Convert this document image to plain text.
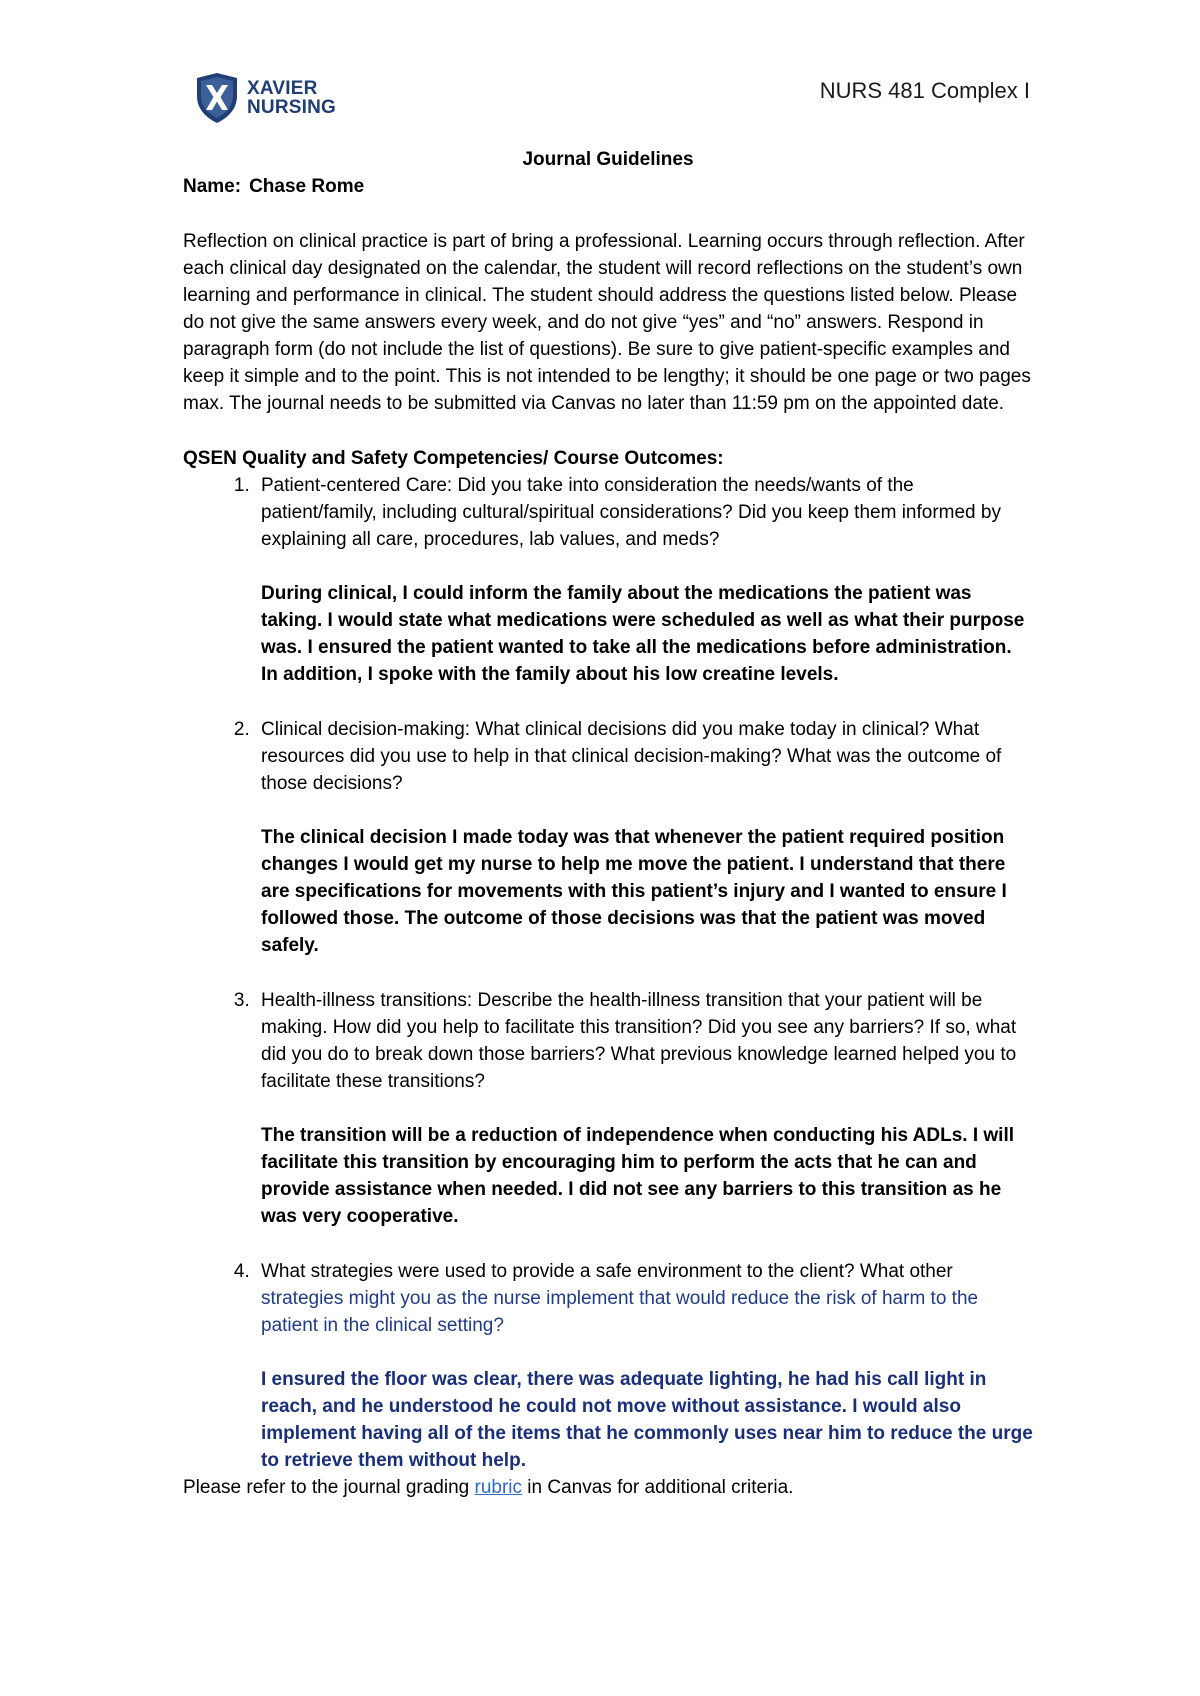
XAVIER
NURSING
NURS 481 Complex I

Journal Guidelines

Name: Chase Rome

Reflection on clinical practice is part of bring a professional. Learning occurs through reflection. After each clinical day designated on the calendar, the student will record reflections on the student’s own learning and performance in clinical. The student should address the questions listed below. Please do not give the same answers every week, and do not give “yes” and “no” answers. Respond in paragraph form (do not include the list of questions). Be sure to give patient-specific examples and keep it simple and to the point. This is not intended to be lengthy; it should be one page or two pages max. The journal needs to be submitted via Canvas no later than 11:59 pm on the appointed date.

QSEN Quality and Safety Competencies/ Course Outcomes:

1. Patient-centered Care: Did you take into consideration the needs/wants of the patient/family, including cultural/spiritual considerations? Did you keep them informed by explaining all care, procedures, lab values, and meds?

During clinical, I could inform the family about the medications the patient was taking. I would state what medications were scheduled as well as what their purpose was. I ensured the patient wanted to take all the medications before administration. In addition, I spoke with the family about his low creatine levels.

2. Clinical decision-making: What clinical decisions did you make today in clinical? What resources did you use to help in that clinical decision-making? What was the outcome of those decisions?

The clinical decision I made today was that whenever the patient required position changes I would get my nurse to help me move the patient. I understand that there are specifications for movements with this patient’s injury and I wanted to ensure I followed those. The outcome of those decisions was that the patient was moved safely.

3. Health-illness transitions: Describe the health-illness transition that your patient will be making. How did you help to facilitate this transition? Did you see any barriers? If so, what did you do to break down those barriers? What previous knowledge learned helped you to facilitate these transitions?

The transition will be a reduction of independence when conducting his ADLs. I will facilitate this transition by encouraging him to perform the acts that he can and provide assistance when needed. I did not see any barriers to this transition as he was very cooperative.

4. What strategies were used to provide a safe environment to the client? What other strategies might you as the nurse implement that would reduce the risk of harm to the patient in the clinical setting?

I ensured the floor was clear, there was adequate lighting, he had his call light in reach, and he understood he could not move without assistance. I would also implement having all of the items that he commonly uses near him to reduce the urge to retrieve them without help.

Please refer to the journal grading rubric in Canvas for additional criteria.
